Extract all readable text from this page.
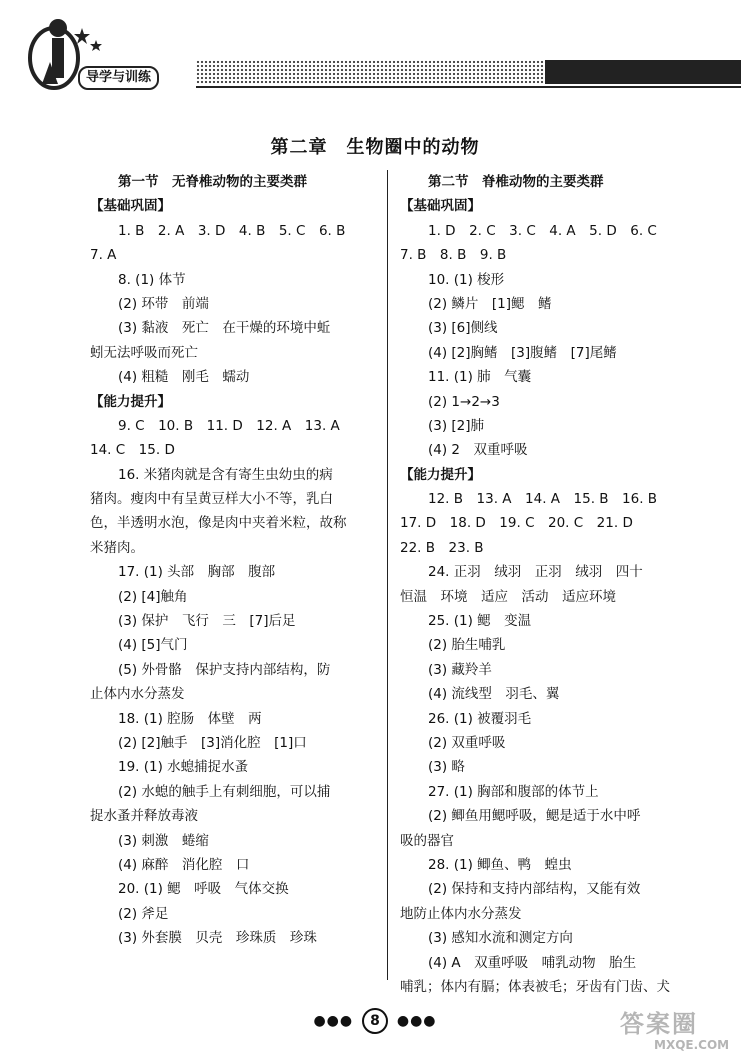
导学与训练
第二章　生物圈中的动物
第一节　无脊椎动物的主要类群
【基础巩固】
1. B　2. A　3. D　4. B　5. C　6. B
7. A
8. (1) 体节
(2) 环带　前端
(3) 黏液　死亡　在干燥的环境中蚯
蚓无法呼吸而死亡
(4) 粗糙　刚毛　蠕动
【能力提升】
9. C　10. B　11. D　12. A　13. A
14. C　15. D
16. 米猪肉就是含有寄生虫幼虫的病
猪肉。瘦肉中有呈黄豆样大小不等，乳白
色，半透明水泡，像是肉中夹着米粒，故称
米猪肉。
17. (1) 头部　胸部　腹部
(2) [4]触角
(3) 保护　飞行　三　[7]后足
(4) [5]气门
(5) 外骨骼　保护支持内部结构，防
止体内水分蒸发
18. (1) 腔肠　体壁　两
(2) [2]触手　[3]消化腔　[1]口
19. (1) 水螅捕捉水蚤
(2) 水螅的触手上有刺细胞，可以捕
捉水蚤并释放毒液
(3) 刺激　蜷缩
(4) 麻醉　消化腔　口
20. (1) 鳃　呼吸　气体交换
(2) 斧足
(3) 外套膜　贝壳　珍珠质　珍珠
第二节　脊椎动物的主要类群
【基础巩固】
1. D　2. C　3. C　4. A　5. D　6. C
7. B　8. B　9. B
10. (1) 梭形
(2) 鳞片　[1]鳃　鳍
(3) [6]侧线
(4) [2]胸鳍　[3]腹鳍　[7]尾鳍
11. (1) 肺　气囊
(2) 1→2→3
(3) [2]肺
(4) 2　双重呼吸
【能力提升】
12. B　13. A　14. A　15. B　16. B
17. D　18. D　19. C　20. C　21. D
22. B　23. B
24. 正羽　绒羽　正羽　绒羽　四十
恒温　环境　适应　活动　适应环境
25. (1) 鳃　变温
(2) 胎生哺乳
(3) 藏羚羊
(4) 流线型　羽毛、翼
26. (1) 被覆羽毛
(2) 双重呼吸
(3) 略
27. (1) 胸部和腹部的体节上
(2) 鲫鱼用鳃呼吸，鳃是适于水中呼
吸的器官
28. (1) 鲫鱼、鸭　蝗虫
(2) 保持和支持内部结构，又能有效
地防止体内水分蒸发
(3) 感知水流和测定方向
(4) A　双重呼吸　哺乳动物　胎生
哺乳；体内有膈；体表被毛；牙齿有门齿、犬
●●● 8 ●●●	答案圈
MXQE.COM
